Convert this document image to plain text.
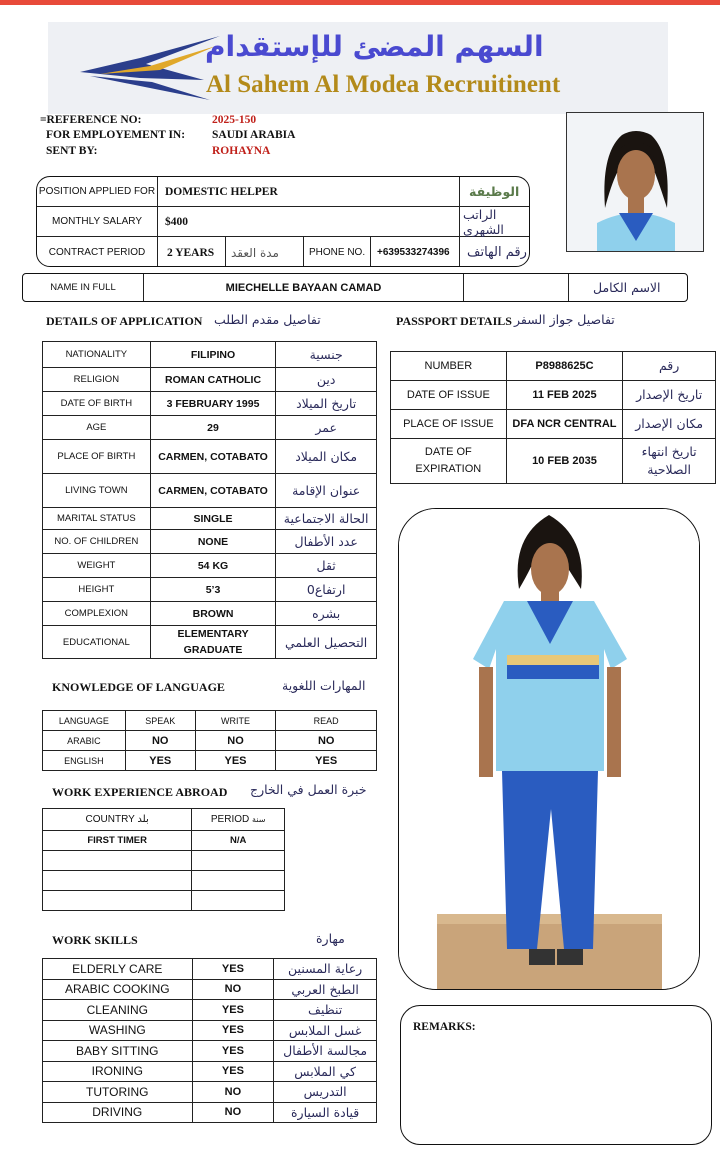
السهم المضئ للإستقدام
Al Sahem Al Modea Recruitinent
=REFERENCE NO:	2025-150
FOR EMPLOYEMENT IN: SAUDI ARABIA
SENT BY:	ROHAYNA
POSITION APPLIED FOR DOMESTIC HELPER	الوظيفة
MONTHLY SALARY	$400	الراتب الشهري
CONTRACT PERIOD	2 YEARS مدة العقد	PHONE NO. +639533274396 رقم الهاتف
NAME IN FULL	MIECHELLE BAYAAN CAMAD	الاسم الكامل
DETAILS OF APPLICATION تفاصيل مقدم الطلب
NATIONALITY	FILIPINO	جنسية
RELIGION	ROMAN CATHOLIC	دين
DATE OF BIRTH	3 FEBRUARY 1995	تاريخ الميلاد
AGE	29	عمر
PLACE OF BIRTH	CARMEN, COTABATO	مكان الميلاد
LIVING TOWN	CARMEN, COTABATO	عنوان الإقامة
MARITAL STATUS	SINGLE	الحالة الاجتماعية
NO. OF CHILDREN	NONE	عدد الأطفال
WEIGHT	54 KG	ثقل
HEIGHT	5’3	ارتفاع0
COMPLEXION	BROWN	بشره
EDUCATIONAL	ELEMENTARY GRADUATE	التحصيل العلمي
PASSPORT DETAILS تفاصيل جواز السفر
NUMBER	P8988625C	رقم
DATE OF ISSUE	11 FEB 2025	تاريخ الإصدار
PLACE OF ISSUE	DFA NCR CENTRAL	مكان الإصدار
DATE OF EXPIRATION	10 FEB 2035	تاريخ انتهاء الصلاحية
KNOWLEDGE OF LANGUAGE	المهارات اللغوية
LANGUAGE	SPEAK	WRITE	READ
ARABIC	NO	NO	NO
ENGLISH	YES	YES	YES
WORK EXPERIENCE ABROAD خبرة العمل في الخارج
COUNTRY بلد	PERIOD سنة
FIRST TIMER	N/A

WORK SKILLS	مهارة
ELDERLY CARE	YES	رعاية المسنين
ARABIC COOKING	NO	الطبخ العربي
CLEANING	YES	تنظيف
WASHING	YES	غسل الملابس
BABY SITTING	YES	مجالسة الأطفال
IRONING	YES	كي الملابس
TUTORING	NO	التدريس
DRIVING	NO	قيادة السيارة
REMARKS:
